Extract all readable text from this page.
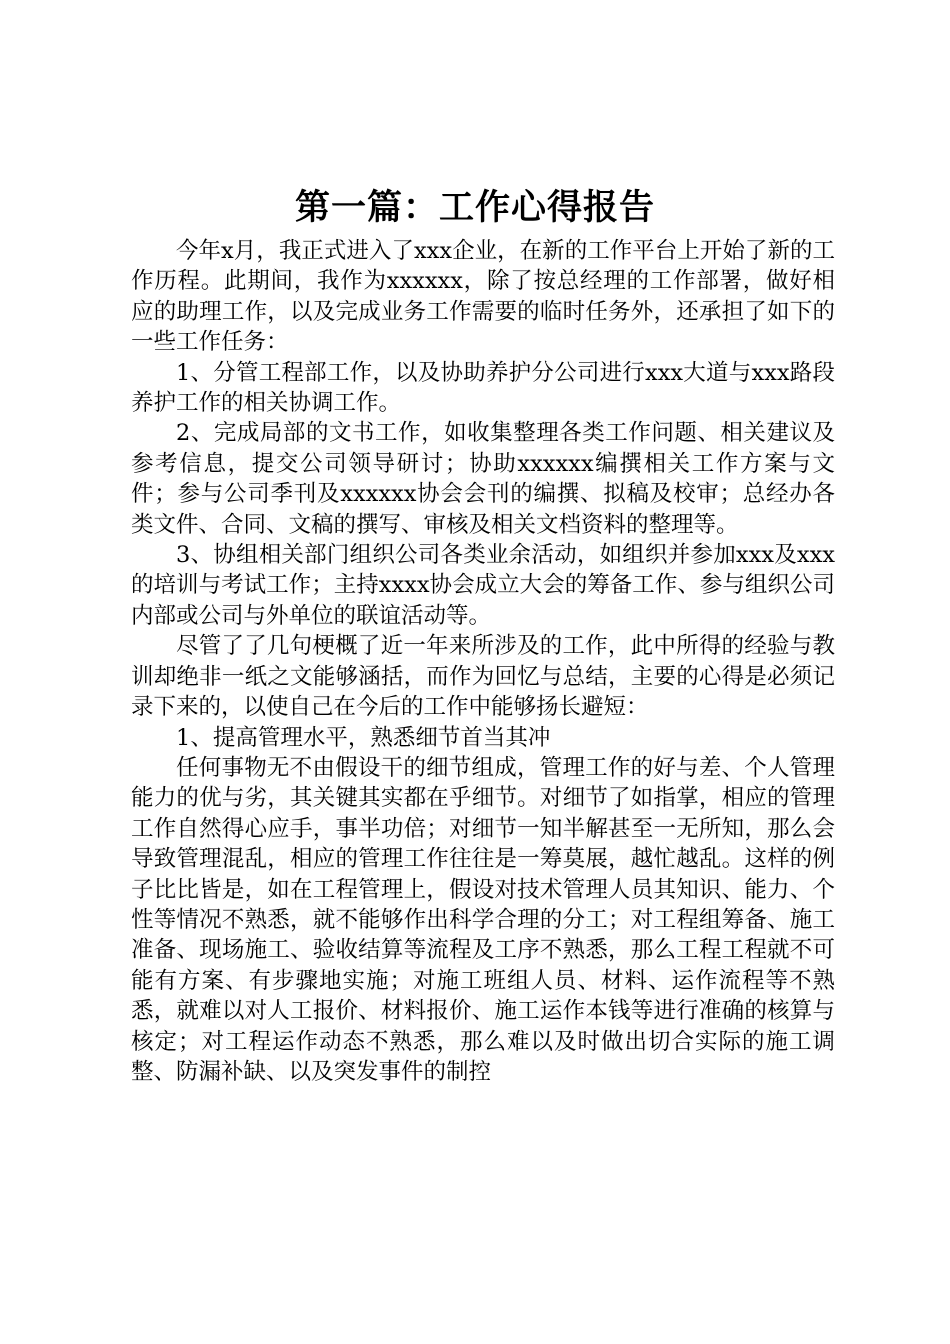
第一篇：工作心得报告

今年x月，我正式进入了xxx企业，在新的工作平台上开始了新的工作历程。此期间，我作为xxxxxx，除了按总经理的工作部署，做好相应的助理工作，以及完成业务工作需要的临时任务外，还承担了如下的一些工作任务：

1、分管工程部工作，以及协助养护分公司进行xxx大道与xxx路段养护工作的相关协调工作。

2、完成局部的文书工作，如收集整理各类工作问题、相关建议及参考信息，提交公司领导研讨；协助xxxxxx编撰相关工作方案与文件；参与公司季刊及xxxxxx协会会刊的编撰、拟稿及校审；总经办各类文件、合同、文稿的撰写、审核及相关文档资料的整理等。

3、协组相关部门组织公司各类业余活动，如组织并参加xxx及xxx的培训与考试工作；主持xxxx协会成立大会的筹备工作、参与组织公司内部或公司与外单位的联谊活动等。

尽管了了几句梗概了近一年来所涉及的工作，此中所得的经验与教训却绝非一纸之文能够涵括，而作为回忆与总结，主要的心得是必须记录下来的，以使自己在今后的工作中能够扬长避短：

1、提高管理水平，熟悉细节首当其冲

任何事物无不由假设干的细节组成，管理工作的好与差、个人管理能力的优与劣，其关键其实都在乎细节。对细节了如指掌，相应的管理工作自然得心应手，事半功倍；对细节一知半解甚至一无所知，那么会导致管理混乱，相应的管理工作往往是一筹莫展，越忙越乱。这样的例子比比皆是，如在工程管理上，假设对技术管理人员其知识、能力、个性等情况不熟悉，就不能够作出科学合理的分工；对工程组筹备、施工准备、现场施工、验收结算等流程及工序不熟悉，那么工程工程就不可能有方案、有步骤地实施；对施工班组人员、材料、运作流程等不熟悉，就难以对人工报价、材料报价、施工运作本钱等进行准确的核算与核定；对工程运作动态不熟悉，那么难以及时做出切合实际的施工调整、防漏补缺、以及突发事件的制控
